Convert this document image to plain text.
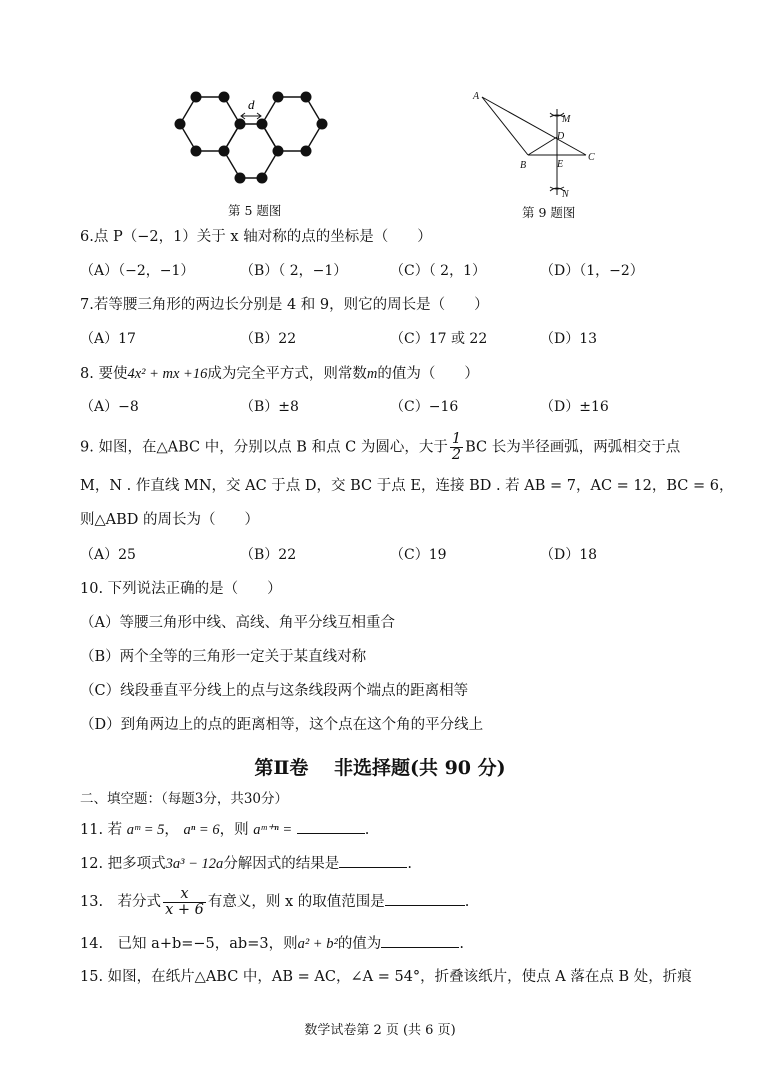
d
第 5 题图
A
M
D
B	E
C
N
第 9 题图
6.点 P（−2，1）关于 x 轴对称的点的坐标是（　　）
（A）（−2，−1）	（B）（ 2，−1）	（C）（ 2，1）	（D）（1，−2）
7.若等腰三角形的两边长分别是 4 和 9，则它的周长是（　　）
（A）17	（B）22	（C）17 或 22	（D）13
8. 要使4x² + mx +16成为完全平方式，则常数m的值为（　　）
（A）−8	（B）±8	（C）−16	（D）±16
9. 如图，在△ABC 中，分别以点 B 和点 C 为圆心，大于 $\frac{1}{2}$ BC 长为半径画弧，两弧相交于点
M，N . 作直线 MN，交 AC 于点 D，交 BC 于点 E，连接 BD . 若 AB = 7，AC = 12，BC = 6，
则△ABD 的周长为（　　）
（A）25	（B）22	（C）19	（D）18
10. 下列说法正确的是（　　）
（A）等腰三角形中线、高线、角平分线互相重合
（B）两个全等的三角形一定关于某直线对称
（C）线段垂直平分线上的点与这条线段两个端点的距离相等
（D）到角两边上的点的距离相等，这个点在这个角的平分线上
第Ⅱ卷　 非选择题(共 90 分)
二、填空题：（每题3分，共30分）
11. 若 aᵐ = 5， aⁿ = 6，则 aᵐ⁺ⁿ =	.
12. 把多项式3a³ − 12a分解因式的结果是	.
13.　若分式 $\frac{x}{x + 6}$ 有意义，则 x 的取值范围是	.
14.　已知 a+b=−5，ab=3，则a² + b²的值为	.
15. 如图，在纸片△ABC 中，AB = AC，∠A = 54°，折叠该纸片，使点 A 落在点 B 处，折痕
数学试卷第 2 页 (共 6 页)
